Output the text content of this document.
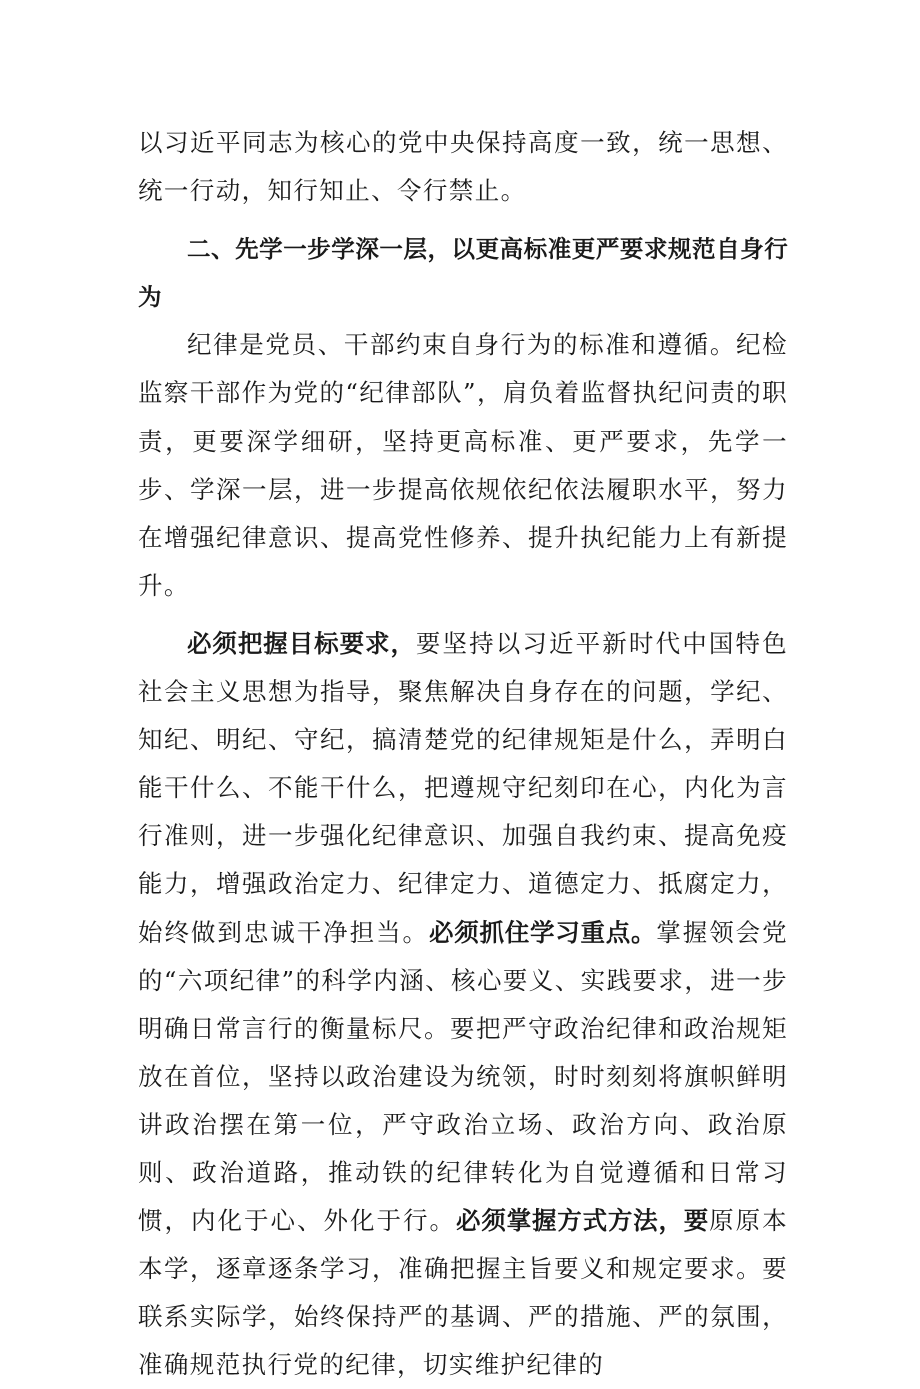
以习近平同志为核心的党中央保持高度一致，统一思想、统一行动，知行知止、令行禁止。

二、先学一步学深一层，以更高标准更严要求规范自身行为

纪律是党员、干部约束自身行为的标准和遵循。纪检监察干部作为党的“纪律部队”，肩负着监督执纪问责的职责，更要深学细研，坚持更高标准、更严要求，先学一步、学深一层，进一步提高依规依纪依法履职水平，努力在增强纪律意识、提高党性修养、提升执纪能力上有新提升。

必须把握目标要求，要坚持以习近平新时代中国特色社会主义思想为指导，聚焦解决自身存在的问题，学纪、知纪、明纪、守纪，搞清楚党的纪律规矩是什么，弄明白能干什么、不能干什么，把遵规守纪刻印在心，内化为言行准则，进一步强化纪律意识、加强自我约束、提高免疫能力，增强政治定力、纪律定力、道德定力、抵腐定力，始终做到忠诚干净担当。必须抓住学习重点。掌握领会党的“六项纪律”的科学内涵、核心要义、实践要求，进一步明确日常言行的衡量标尺。要把严守政治纪律和政治规矩放在首位，坚持以政治建设为统领，时时刻刻将旗帜鲜明讲政治摆在第一位，严守政治立场、政治方向、政治原则、政治道路，推动铁的纪律转化为自觉遵循和日常习惯，内化于心、外化于行。必须掌握方式方法，要原原本本学，逐章逐条学习，准确把握主旨要义和规定要求。要联系实际学，始终保持严的基调、严的措施、严的氛围，准确规范执行党的纪律，切实维护纪律的
